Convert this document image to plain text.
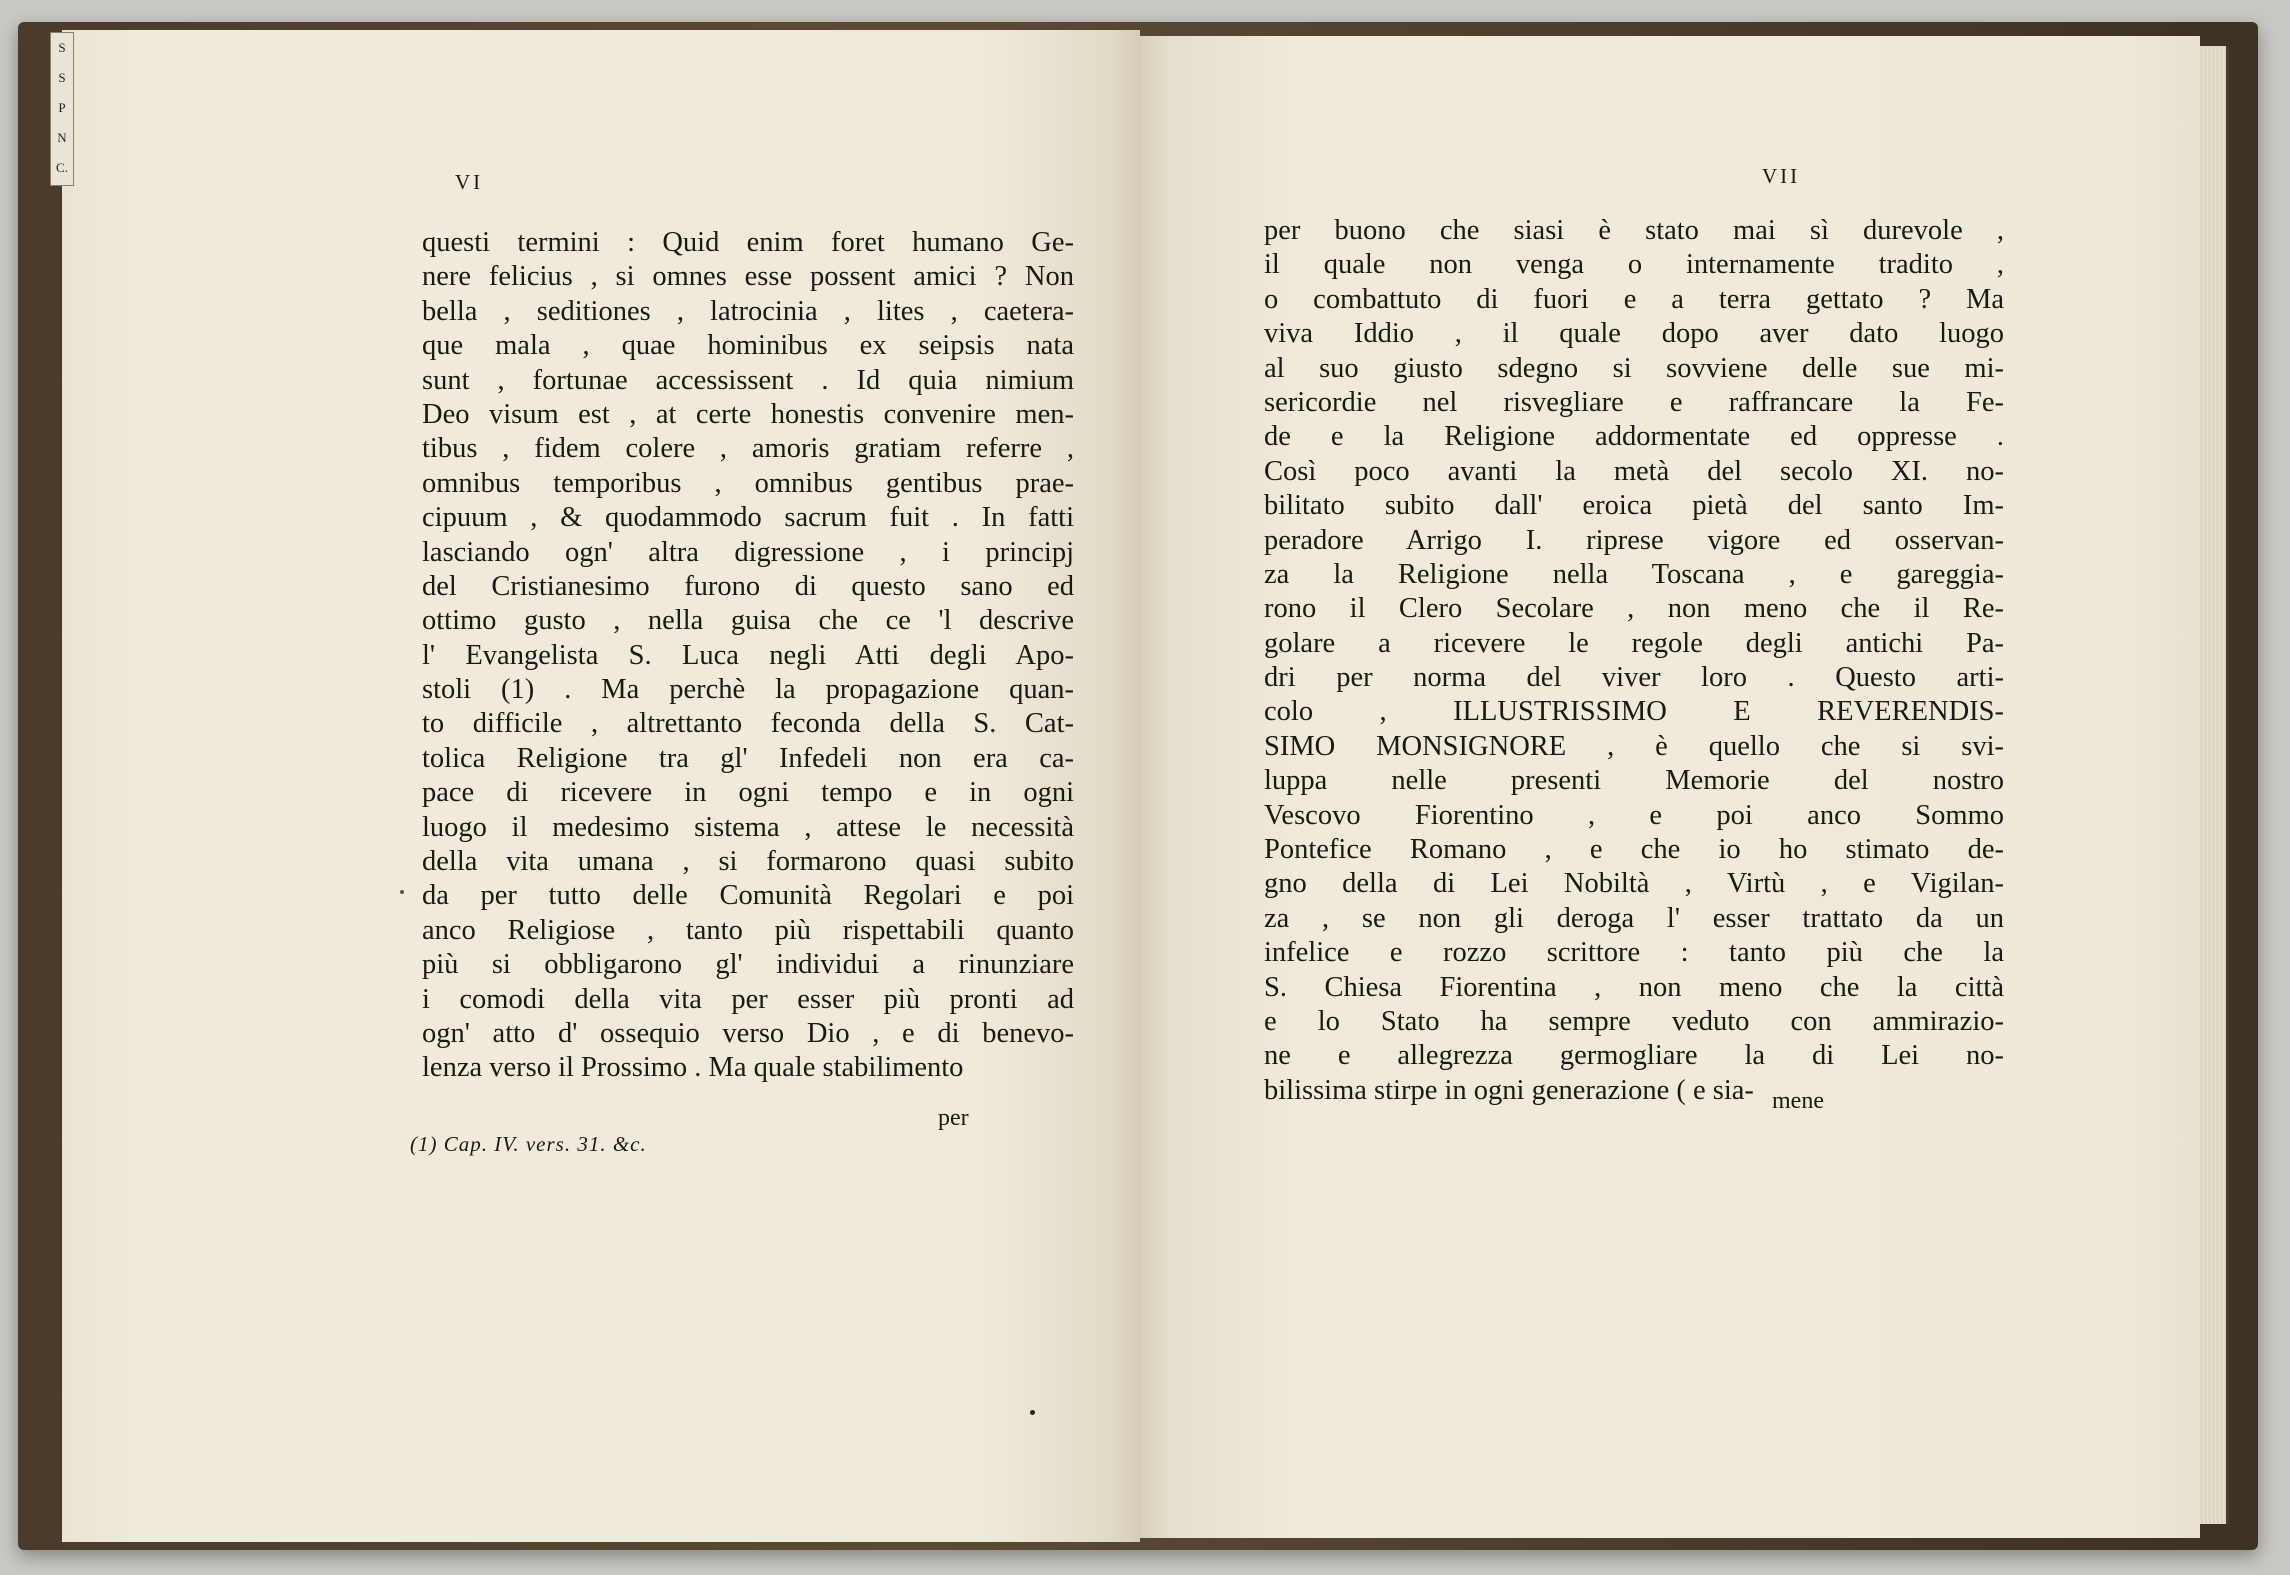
VI
questi termini : Quid enim foret humano Ge-
nere felicius , si omnes esse possent amici ? Non
bella , seditiones , latrocinia , lites , caetera-
que mala , quae hominibus ex seipsis nata
sunt , fortunae accessissent . Id quia nimium
Deo visum est , at certe honestis convenire men-
tibus , fidem colere , amoris gratiam referre ,
omnibus temporibus , omnibus gentibus prae-
cipuum , & quodammodo sacrum fuit . In fatti
lasciando ogn' altra digressione , i principj
del Cristianesimo furono di questo sano ed
ottimo gusto , nella guisa che ce 'l descrive
l' Evangelista S. Luca negli Atti degli Apo-
stoli (1) . Ma perchè la propagazione quan-
to difficile , altrettanto feconda della S. Cat-
tolica Religione tra gl' Infedeli non era ca-
pace di ricevere in ogni tempo e in ogni
luogo il medesimo sistema , attese le necessità
della vita umana , si formarono quasi subito
da per tutto delle Comunità Regolari e poi
anco Religiose , tanto più rispettabili quanto
più si obbligarono gl' individui a rinunziare
i comodi della vita per esser più pronti ad
ogn' atto d' ossequio verso Dio , e di benevo-
lenza verso il Prossimo . Ma quale stabilimento
per
(1) Cap. IV. vers. 31. &c.
S
S
P
N
C.	VII
per buono che siasi è stato mai sì durevole ,
il quale non venga o internamente tradito ,
o combattuto di fuori e a terra gettato ? Ma
viva Iddio , il quale dopo aver dato luogo
al suo giusto sdegno si sovviene delle sue mi-
sericordie nel risvegliare e raffrancare la Fe-
de e la Religione addormentate ed oppresse .
Così poco avanti la metà del secolo XI. no-
bilitato subito dall' eroica pietà del santo Im-
peradore Arrigo I. riprese vigore ed osservan-
za la Religione nella Toscana , e gareggia-
rono il Clero Secolare , non meno che il Re-
golare a ricevere le regole degli antichi Pa-
dri per norma del viver loro . Questo arti-
colo , ILLUSTRISSIMO E REVERENDIS-
SIMO MONSIGNORE , è quello che si svi-
luppa nelle presenti Memorie del nostro
Vescovo Fiorentino , e poi anco Sommo
Pontefice Romano , e che io ho stimato de-
gno della di Lei Nobiltà , Virtù , e Vigilan-
za , se non gli deroga l' esser trattato da un
infelice e rozzo scrittore : tanto più che la
S. Chiesa Fiorentina , non meno che la città
e lo Stato ha sempre veduto con ammirazio-
ne e allegrezza germogliare la di Lei no-
bilissima stirpe in ogni generazione ( e sia- mene
